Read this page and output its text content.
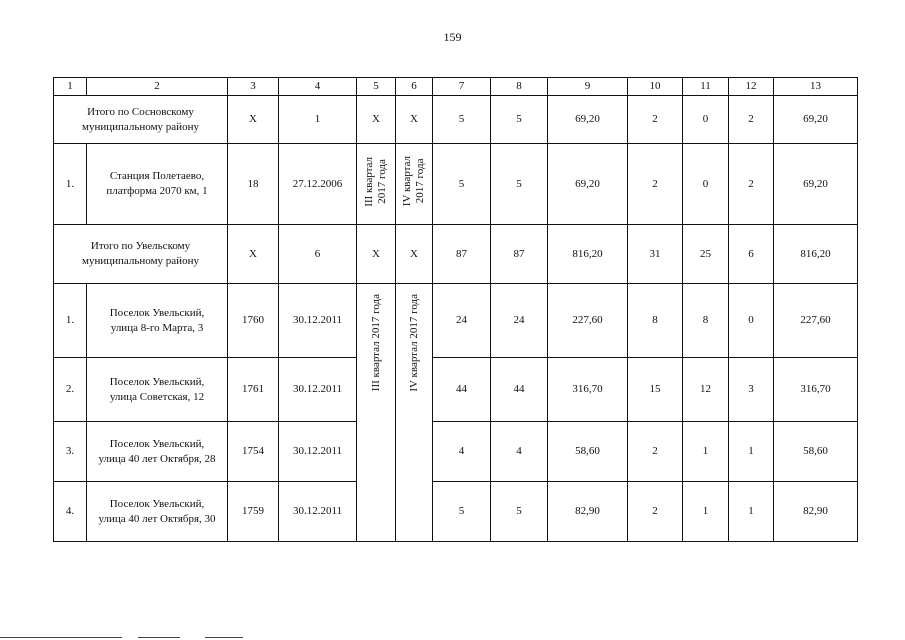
159
1	2	3	4	5	6	7	8	9	10	11	12	13
Итого по Сосновскому
муниципальному району		X	1	X	X	5	5	69,20	2	0	2	69,20
1.	Станция Полетаево,
платформа 2070 км, 1	18	27.12.2006	III квартал
2017 года	IV квартал
2017 года	5	5	69,20	2	0	2	69,20
Итого по Увельскому
муниципальному району		X	6	X	X	87	87	816,20	31	25	6	816,20
1.	Поселок Увельский,
улица 8-го Марта, 3	1760	30.12.2011	III квартал 2017 года	IV квартал 2017 года	24	24	227,60	8	8	0	227,60
2.	Поселок Увельский,
улица Советская, 12	1761	30.12.2011			44	44	316,70	15	12	3	316,70
3.	Поселок Увельский,
улица 40 лет Октября, 28	1754	30.12.2011			4	4	58,60	2	1	1	58,60
4.	Поселок Увельский,
улица 40 лет Октября, 30	1759	30.12.2011			5	5	82,90	2	1	1	82,90
